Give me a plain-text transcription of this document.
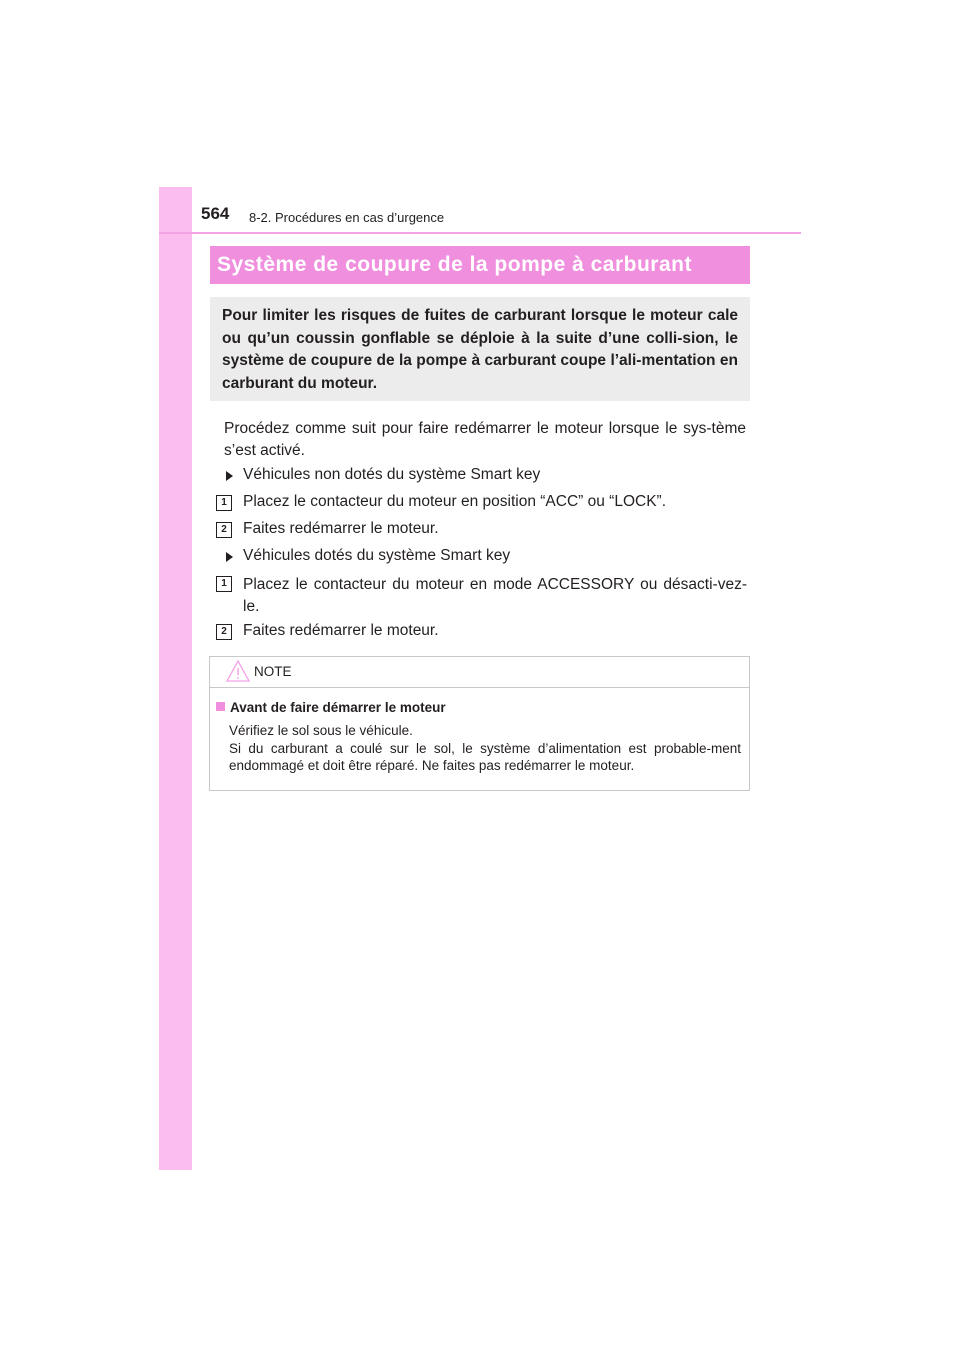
564 8-2. Procédures en cas d’urgence
Système de coupure de la pompe à carburant
Pour limiter les risques de fuites de carburant lorsque le moteur cale ou qu’un coussin gonflable se déploie à la suite d’une colli-sion, le système de coupure de la pompe à carburant coupe l’ali-mentation en carburant du moteur.

Procédez comme suit pour faire redémarrer le moteur lorsque le sys-tème s’est activé.

Véhicules non dotés du système Smart key
1	Placez le contacteur du moteur en position “ACC” ou “LOCK”.
2	Faites redémarrer le moteur.
Véhicules dotés du système Smart key
1	Placez le contacteur du moteur en mode ACCESSORY ou désacti-vez-le.
2	Faites redémarrer le moteur.
NOTE
Avant de faire démarrer le moteur

Vérifiez le sol sous le véhicule.

Si du carburant a coulé sur le sol, le système d’alimentation est probable-ment endommagé et doit être réparé. Ne faites pas redémarrer le moteur.
